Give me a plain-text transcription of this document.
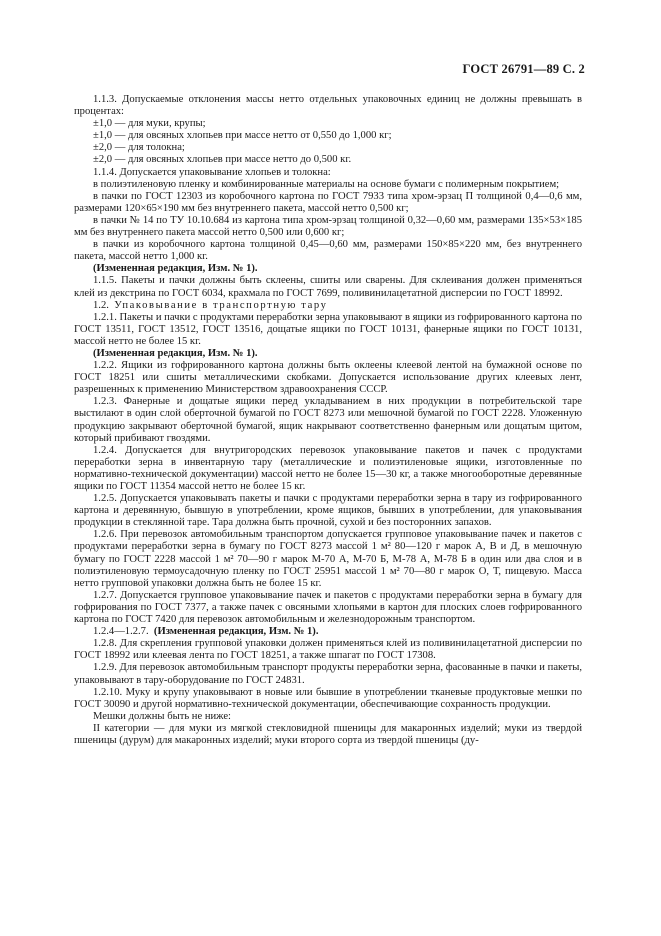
ГОСТ 26791—89 С. 2

1.1.3. Допускаемые отклонения массы нетто отдельных упаковочных единиц не должны превышать в процентах:

±1,0 — для муки, крупы;

±1,0 — для овсяных хлопьев при массе нетто от 0,550 до 1,000 кг;

±2,0 — для толокна;

±2,0 — для овсяных хлопьев при массе нетто до 0,500 кг.

1.1.4. Допускается упаковывание хлопьев и толокна:

в полиэтиленовую пленку и комбинированные материалы на основе бумаги с полимерным покрытием;

в пачки по ГОСТ 12303 из коробочного картона по ГОСТ 7933 типа хром-эрзац П толщиной 0,4—0,6 мм, размерами 120×65×190 мм без внутреннего пакета, массой нетто 0,500 кг;

в пачки № 14 по ТУ 10.10.684 из картона типа хром-эрзац толщиной 0,32—0,60 мм, размерами 135×53×185 мм без внутреннего пакета массой нетто 0,500 или 0,600 кг;

в пачки из коробочного картона толщиной 0,45—0,60 мм, размерами 150×85×220 мм, без внутреннего пакета, массой нетто 1,000 кг.

(Измененная редакция, Изм. № 1).

1.1.5. Пакеты и пачки должны быть склеены, сшиты или сварены. Для склеивания должен применяться клей из декстрина по ГОСТ 6034, крахмала по ГОСТ 7699, поливинилацетатной дисперсии по ГОСТ 18992.

1.2. Упаковывание в транспортную тару

1.2.1. Пакеты и пачки с продуктами переработки зерна упаковывают в ящики из гофрированного картона по ГОСТ 13511, ГОСТ 13512, ГОСТ 13516, дощатые ящики по ГОСТ 10131, фанерные ящики по ГОСТ 10131, массой нетто не более 15 кг.

(Измененная редакция, Изм. № 1).

1.2.2. Ящики из гофрированного картона должны быть оклеены клеевой лентой на бумажной основе по ГОСТ 18251 или сшиты металлическими скобками. Допускается использование других клеевых лент, разрешенных к применению Министерством здравоохранения СССР.

1.2.3. Фанерные и дощатые ящики перед укладыванием в них продукции в потребительской таре выстилают в один слой оберточной бумагой по ГОСТ 8273 или мешочной бумагой по ГОСТ 2228. Уложенную продукцию закрывают оберточной бумагой, ящик накрывают соответственно фанерным или дощатым щитом, который прибивают гвоздями.

1.2.4. Допускается для внутригородских перевозок упаковывание пакетов и пачек с продуктами переработки зерна в инвентарную тару (металлические и полиэтиленовые ящики, изготовленные по нормативно-технической документации) массой нетто не более 15—30 кг, а также многооборотные деревянные ящики по ГОСТ 11354 массой нетто не более 15 кг.

1.2.5. Допускается упаковывать пакеты и пачки с продуктами переработки зерна в тару из гофрированного картона и деревянную, бывшую в употреблении, кроме ящиков, бывших в употреблении, для упаковывания продукции в стеклянной таре. Тара должна быть прочной, сухой и без посторонних запахов.

1.2.6. При перевозок автомобильным транспортом допускается групповое упаковывание пачек и пакетов с продуктами переработки зерна в бумагу по ГОСТ 8273 массой 1 м² 80—120 г марок А, В и Д, в мешочную бумагу по ГОСТ 2228 массой 1 м² 70—90 г марок М-70 А, М-70 Б, М-78 А, М-78 Б в один или два слоя и в полиэтиленовую термоусадочную пленку по ГОСТ 25951 массой 1 м² 70—80 г марок О, Т, пищевую. Масса нетто групповой упаковки должна быть не более 15 кг.

1.2.7. Допускается групповое упаковывание пачек и пакетов с продуктами переработки зерна в бумагу для гофрирования по ГОСТ 7377, а также пачек с овсяными хлопьями в картон для плоских слоев гофрированного картона по ГОСТ 7420 для перевозок автомобильным и железнодорожным транспортом.

1.2.4—1.2.7. (Измененная редакция, Изм. № 1).

1.2.8. Для скрепления групповой упаковки должен применяться клей из поливинилацетатной дисперсии по ГОСТ 18992 или клеевая лента по ГОСТ 18251, а также шпагат по ГОСТ 17308.

1.2.9. Для перевозок автомобильным транспорт продукты переработки зерна, фасованные в пачки и пакеты, упаковывают в тару-оборудование по ГОСТ 24831.

1.2.10. Муку и крупу упаковывают в новые или бывшие в употреблении тканевые продуктовые мешки по ГОСТ 30090 и другой нормативно-технической документации, обеспечивающие сохранность продукции.

Мешки должны быть не ниже:

II категории — для муки из мягкой стекловидной пшеницы для макаронных изделий; муки из твердой пшеницы (дурум) для макаронных изделий; муки второго сорта из твердой пшеницы (ду-
